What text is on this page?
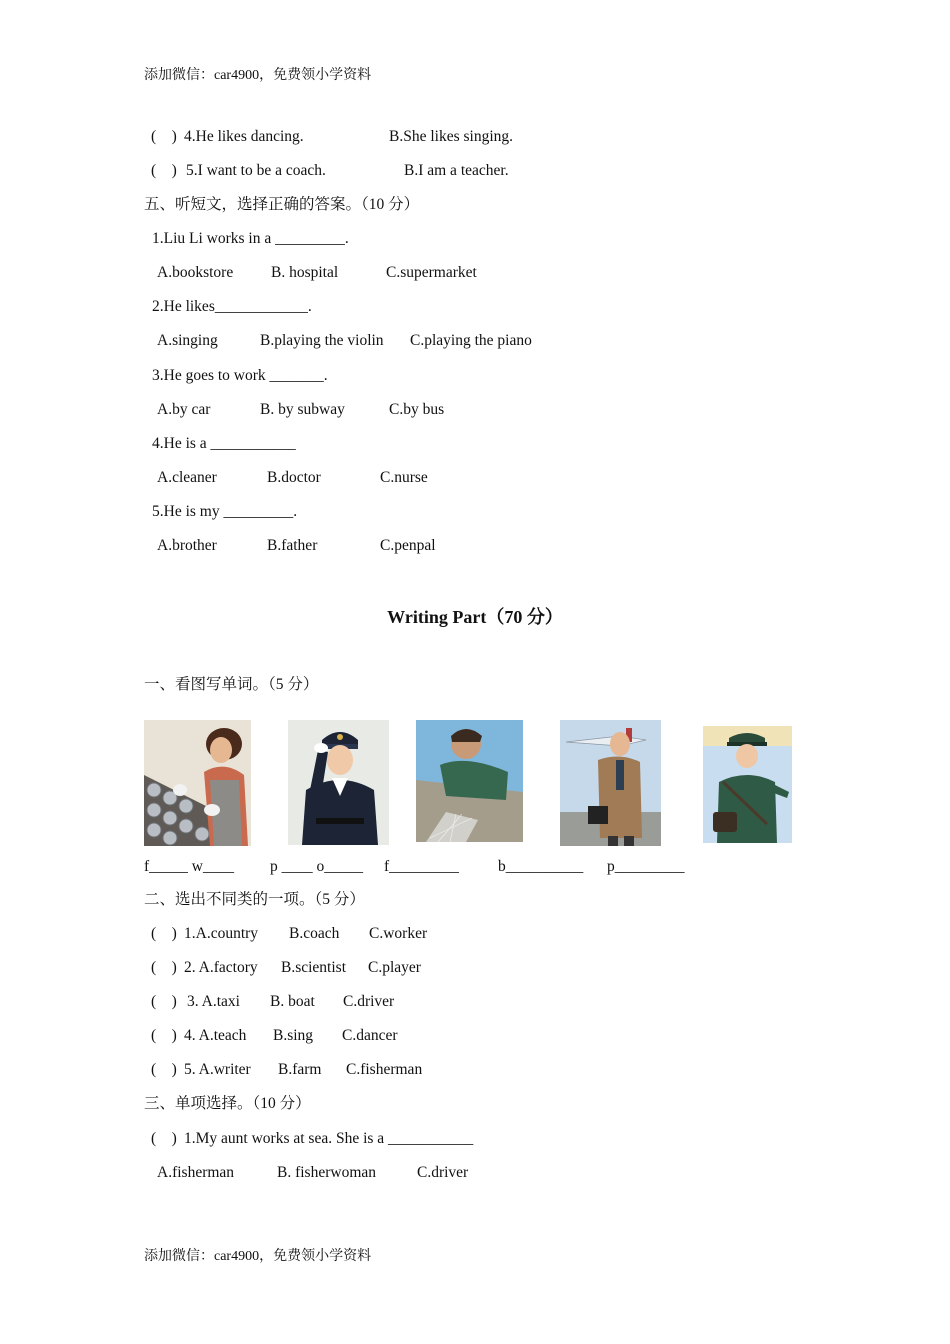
添加微信：car4900，免费领小学资料
(    ) 4.He likes dancing.	B.She likes singing.
(    ) 5.I want to be a coach.	B.I am a teacher.
五、听短文，选择正确的答案。（10 分）
1.Liu Li works in a _________.
A.bookstore B. hospital	C.supermarket
2.He likes____________.
A.singing	B.playing the violin C.playing the piano
3.He goes to work _______.
A.by car	B. by subway	C.by bus
4.He is a ___________
A.cleaner	B.doctor	C.nurse
5.He is my _________.
A.brother	B.father	C.penpal
Writing Part（70 分）
一、看图写单词。（5 分）
f_____ w____ p ____ o_____ f_________	b__________ p_________
二、选出不同类的一项。（5 分）
(    ) 1.A.country B.coach C.worker
(    ) 2. A.factory B.scientist C.player
(    ) 3. A.taxi B. boat C.driver
(    ) 4. A.teach B.sing C.dancer
(    ) 5. A.writer B.farm C.fisherman
三、单项选择。（10 分）
(    ) 1.My aunt works at sea. She is a ___________
A.fisherman	B. fisherwoman	C.driver
添加微信：car4900，免费领小学资料
